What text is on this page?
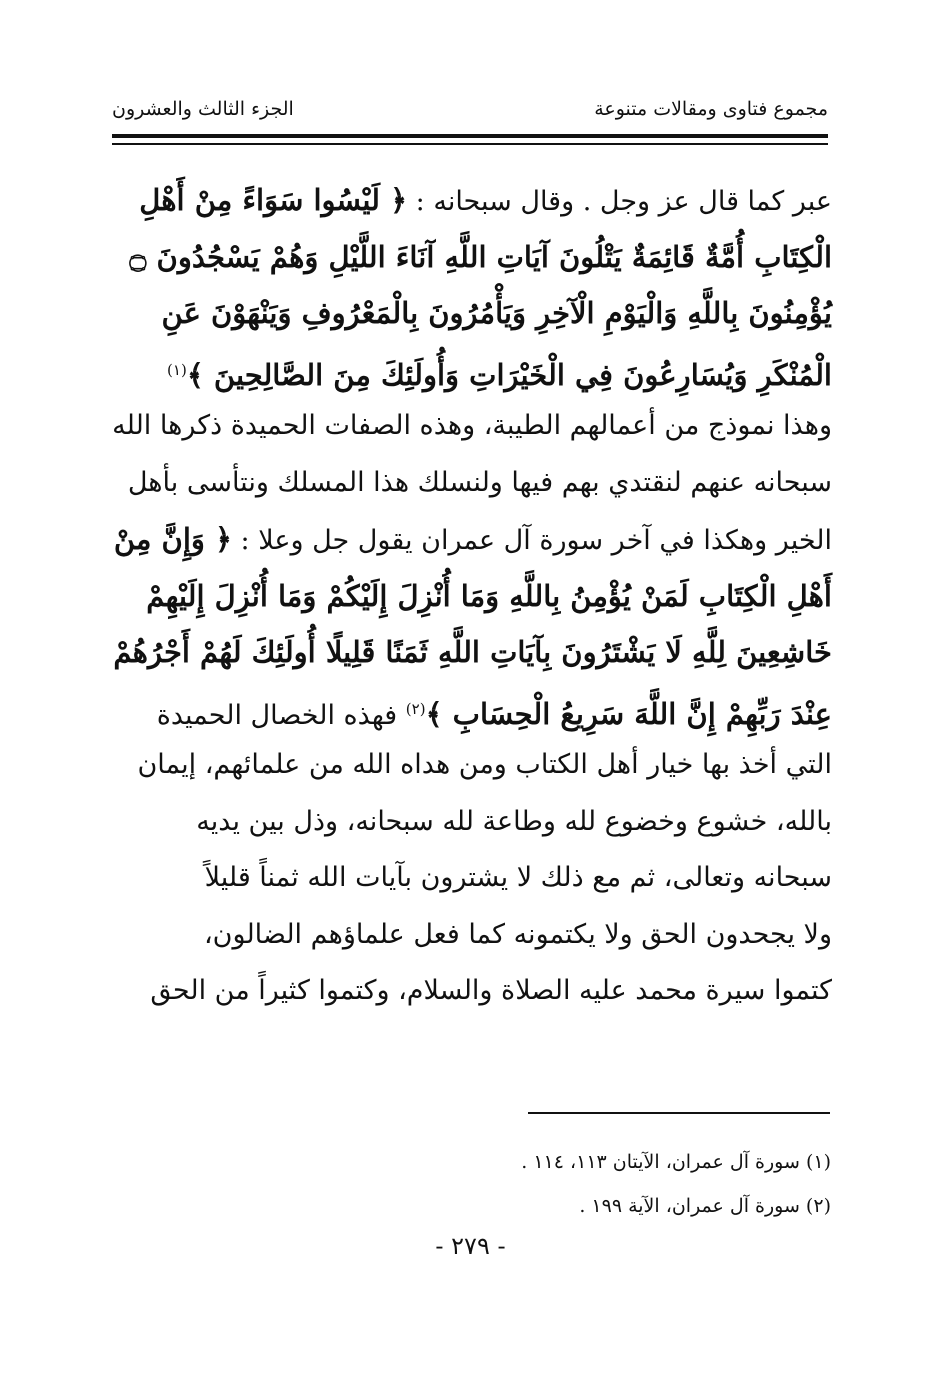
مجموع فتاوى ومقالات متنوعة
الجزء الثالث والعشرون
عبر كما قال عز وجل . وقال سبحانه : ﴿ لَيْسُوا سَوَاءً مِنْ أَهْلِ
الْكِتَابِ أُمَّةٌ قَائِمَةٌ يَتْلُونَ آيَاتِ اللَّهِ آنَاءَ اللَّيْلِ وَهُمْ يَسْجُدُونَ ۝
يُؤْمِنُونَ بِاللَّهِ وَالْيَوْمِ الْآخِرِ وَيَأْمُرُونَ بِالْمَعْرُوفِ وَيَنْهَوْنَ عَنِ
الْمُنْكَرِ وَيُسَارِعُونَ فِي الْخَيْرَاتِ وَأُولَئِكَ مِنَ الصَّالِحِينَ ﴾$^{(١)}$
وهذا نموذج من أعمالهم الطيبة، وهذه الصفات الحميدة ذكرها الله
سبحانه عنهم لنقتدي بهم فيها ولنسلك هذا المسلك ونتأسى بأهل
الخير وهكذا في آخر سورة آل عمران يقول جل وعلا : ﴿ وَإِنَّ مِنْ
أَهْلِ الْكِتَابِ لَمَنْ يُؤْمِنُ بِاللَّهِ وَمَا أُنْزِلَ إِلَيْكُمْ وَمَا أُنْزِلَ إِلَيْهِمْ
خَاشِعِينَ لِلَّهِ لَا يَشْتَرُونَ بِآيَاتِ اللَّهِ ثَمَنًا قَلِيلًا أُولَئِكَ لَهُمْ أَجْرُهُمْ
عِنْدَ رَبِّهِمْ إِنَّ اللَّهَ سَرِيعُ الْحِسَابِ ﴾$^{(٢)}$ فهذه الخصال الحميدة
التي أخذ بها خيار أهل الكتاب ومن هداه الله من علمائهم، إيمان
بالله، خشوع وخضوع لله وطاعة لله سبحانه، وذل بين يديه
سبحانه وتعالى، ثم مع ذلك لا يشترون بآيات الله ثمناً قليلاً
ولا يجحدون الحق ولا يكتمونه كما فعل علماؤهم الضالون،
كتموا سيرة محمد عليه الصلاة والسلام، وكتموا كثيراً من الحق
(١) سورة آل عمران، الآيتان ١١٣، ١١٤ .
(٢) سورة آل عمران، الآية ١٩٩ .
- ٢٧٩ -
